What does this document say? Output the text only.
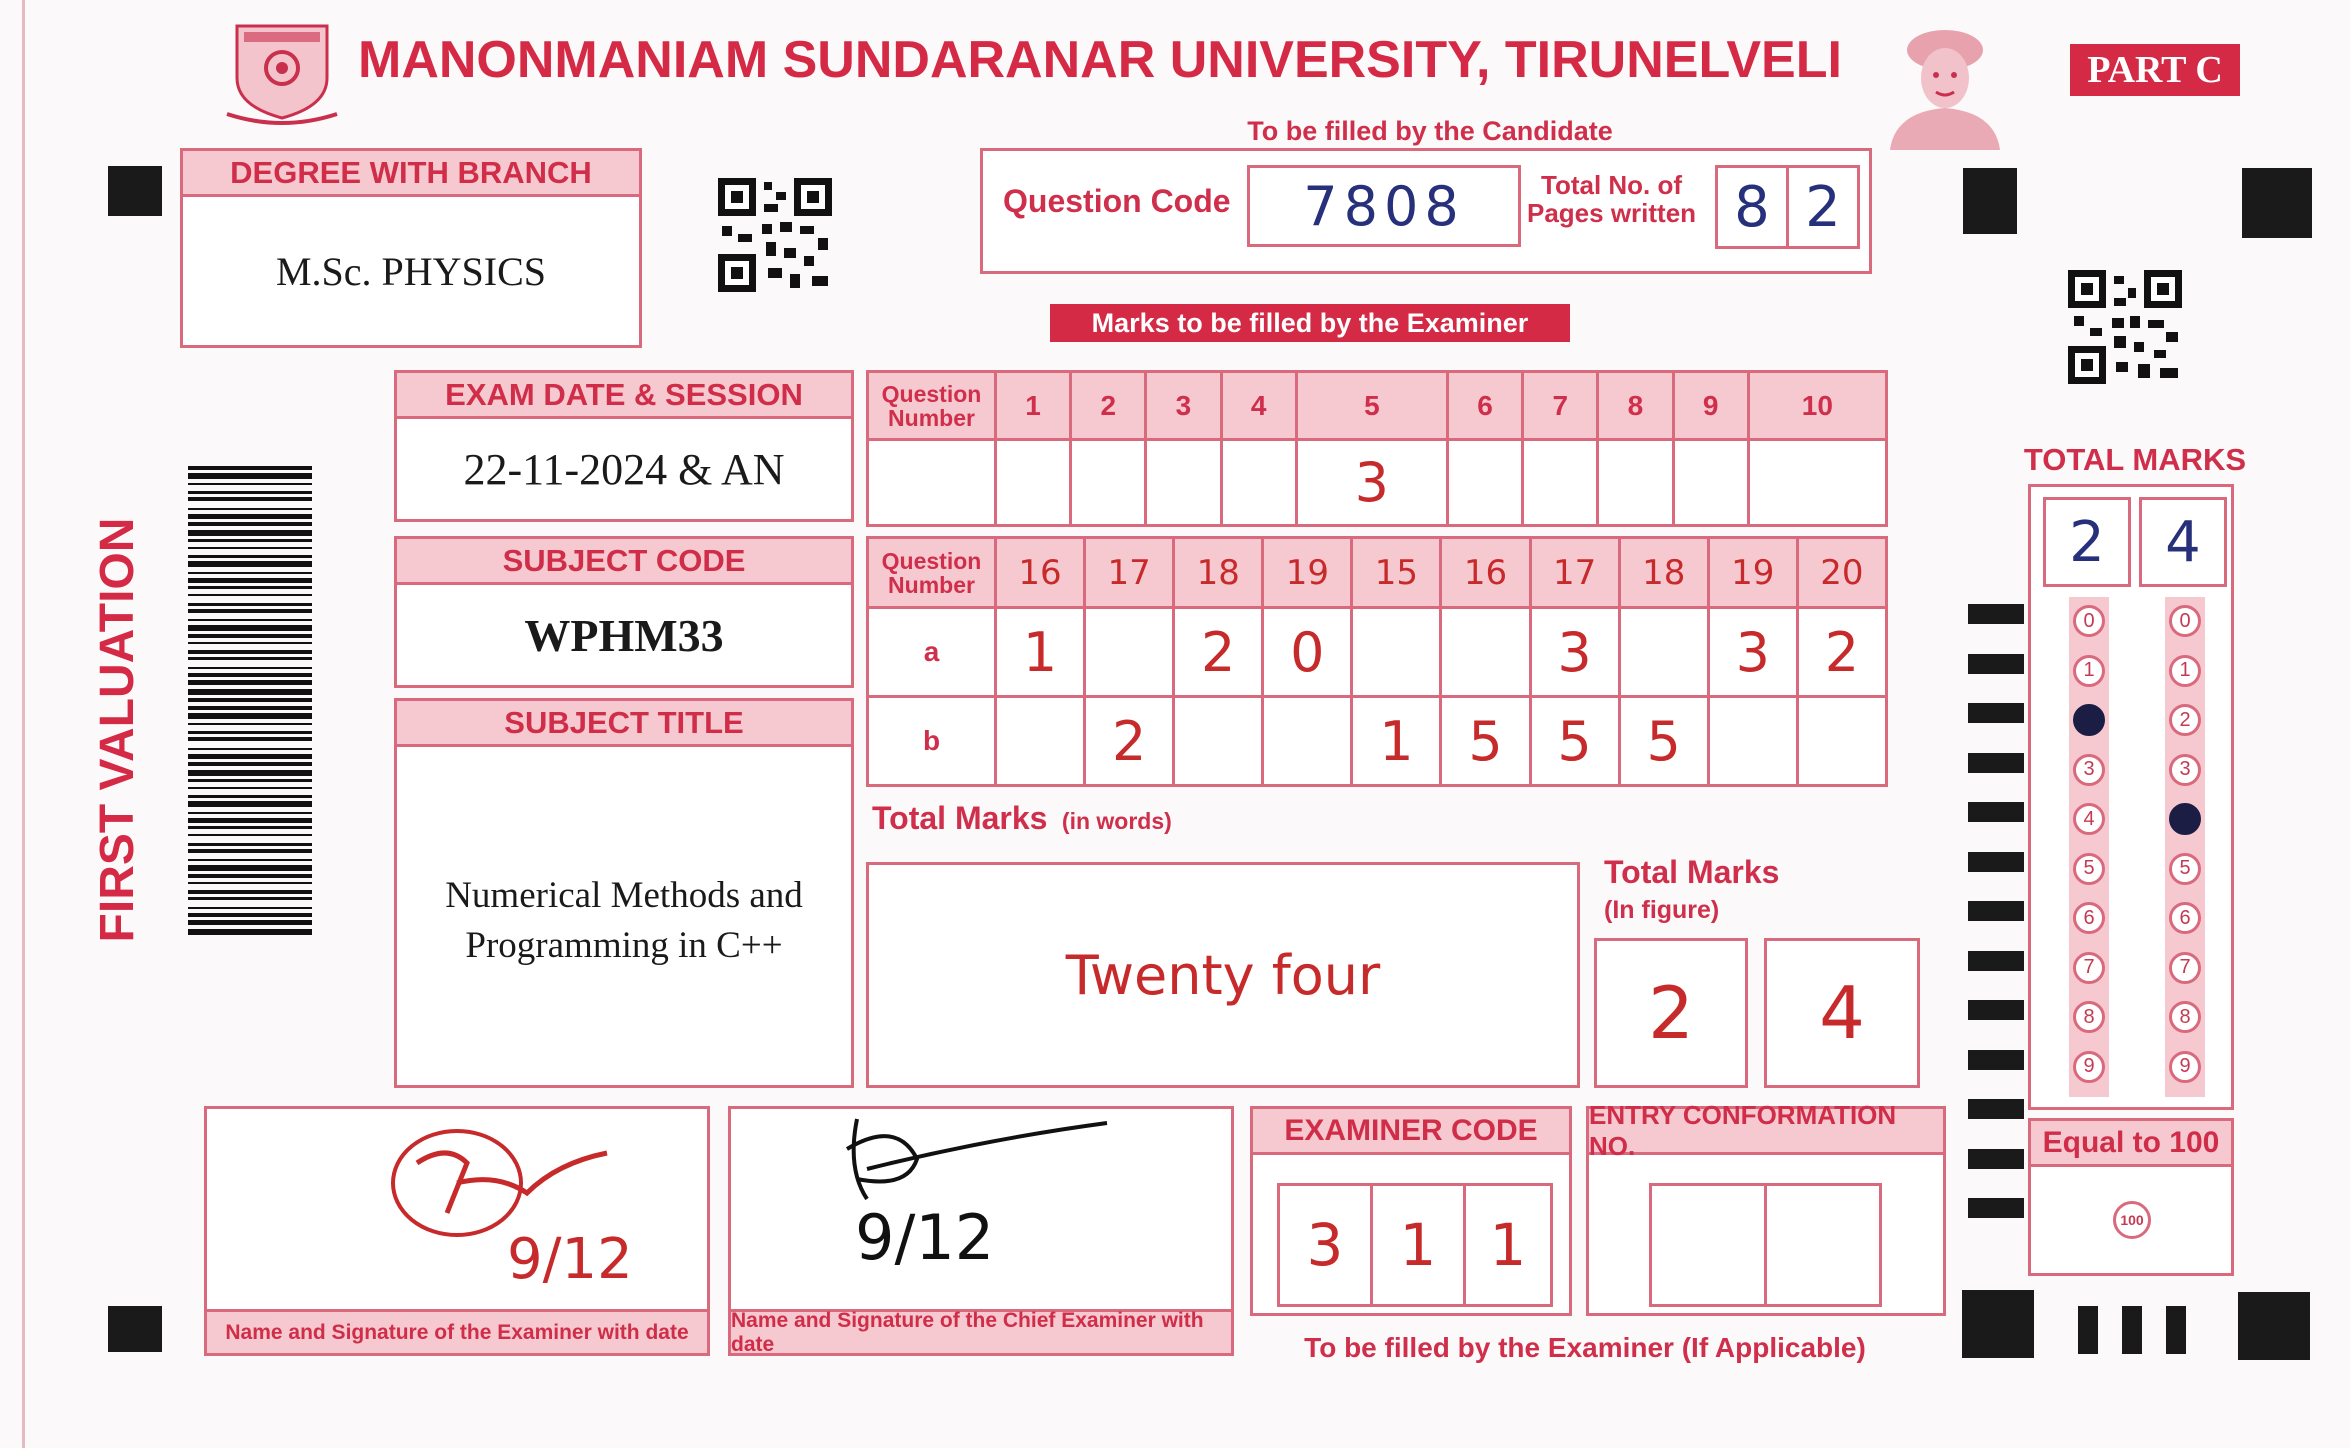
MANONMANIAM SUNDARANAR UNIVERSITY, TIRUNELVELI	PART C
To be filled by the Candidate
DEGREE WITH BRANCH
M.Sc. PHYSICS
Question Code 7808	Total No. of
Pages written 8 2
Marks to be filled by the Examiner
EXAM DATE & SESSION
22-11-2024 & AN
SUBJECT CODE
WPHM33
SUBJECT TITLE
Numerical Methods and
Programming in C++
FIRST VALUATION
Question
Number	1	2	3	4	5	6	7	8	9	10
					3					
Question
Number	16	17	18	19	15	16	17	18	19	20
a	1		2	0			3		3	2
b		2			1	5	5	5		
Total Marks (in words)
Twenty four
Total Marks
(In figure)
2	4
TOTAL MARKS
2	4
0
1
2
3
4
5
6
7
8
9
0
1
2
3
4
5
6
7
8
9
Equal to 100
100
9/12
Name and Signature of the Examiner with date
9/12
Name and Signature of the Chief Examiner with date
EXAMINER CODE
3 1 1
ENTRY CONFORMATION NO.
To be filled by the Examiner (If Applicable)
